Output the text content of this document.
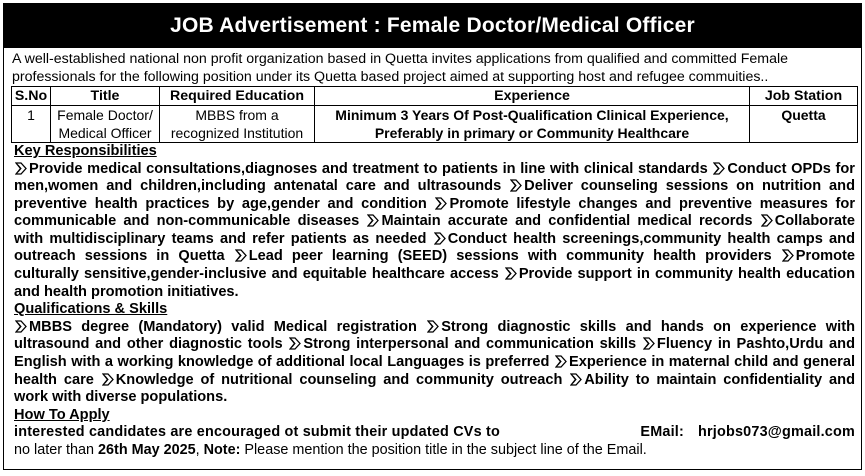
JOB Advertisement : Female Doctor/Medical Officer
A well-established national non profit organization based in Quetta invites applications from qualified and committed Female professionals for the following position under its Quetta based project aimed at supporting host and refugee commuities..
S.No	Title	Required Education	Experience	Job Station
1	Female Doctor/ Medical Officer	MBBS from a recognized Institution	Minimum 3 Years Of Post-Qualification Clinical Experience, Preferably in primary or Community Healthcare	Quetta
Key Responsibilities
Provide medical consultations,diagnoses and treatment to patients in line with clinical standards Conduct OPDs for men,women and children,including antenatal care and ultrasounds Deliver counseling sessions on nutrition and preventive health practices by age,gender and condition Promote lifestyle changes and preventive measures for communicable and non-communicable diseases Maintain accurate and confidential medical records Collaborate with multidisciplinary teams and refer patients as needed Conduct health screenings,community health camps and outreach sessions in Quetta Lead peer learning (SEED) sessions with community health providers Promote culturally sensitive,gender-inclusive and equitable healthcare access Provide support in community health education and health promotion initiatives.
Qualifications & Skills
MBBS degree (Mandatory) valid Medical registration Strong diagnostic skills and hands on experience with ultrasound and other diagnostic tools Strong interpersonal and communication skills Fluency in Pashto,Urdu and English with a working knowledge of additional local Languages is preferred Experience in maternal child and general health care Knowledge of nutritional counseling and community outreach Ability to maintain confidentiality and work with diverse populations.
How To Apply
interested candidates are encouraged ot submit their updated CVs to	EMail: hrjobs073@gmail.com
no later than 26th May 2025, Note: Please mention the position title in the subject line of the Email.
